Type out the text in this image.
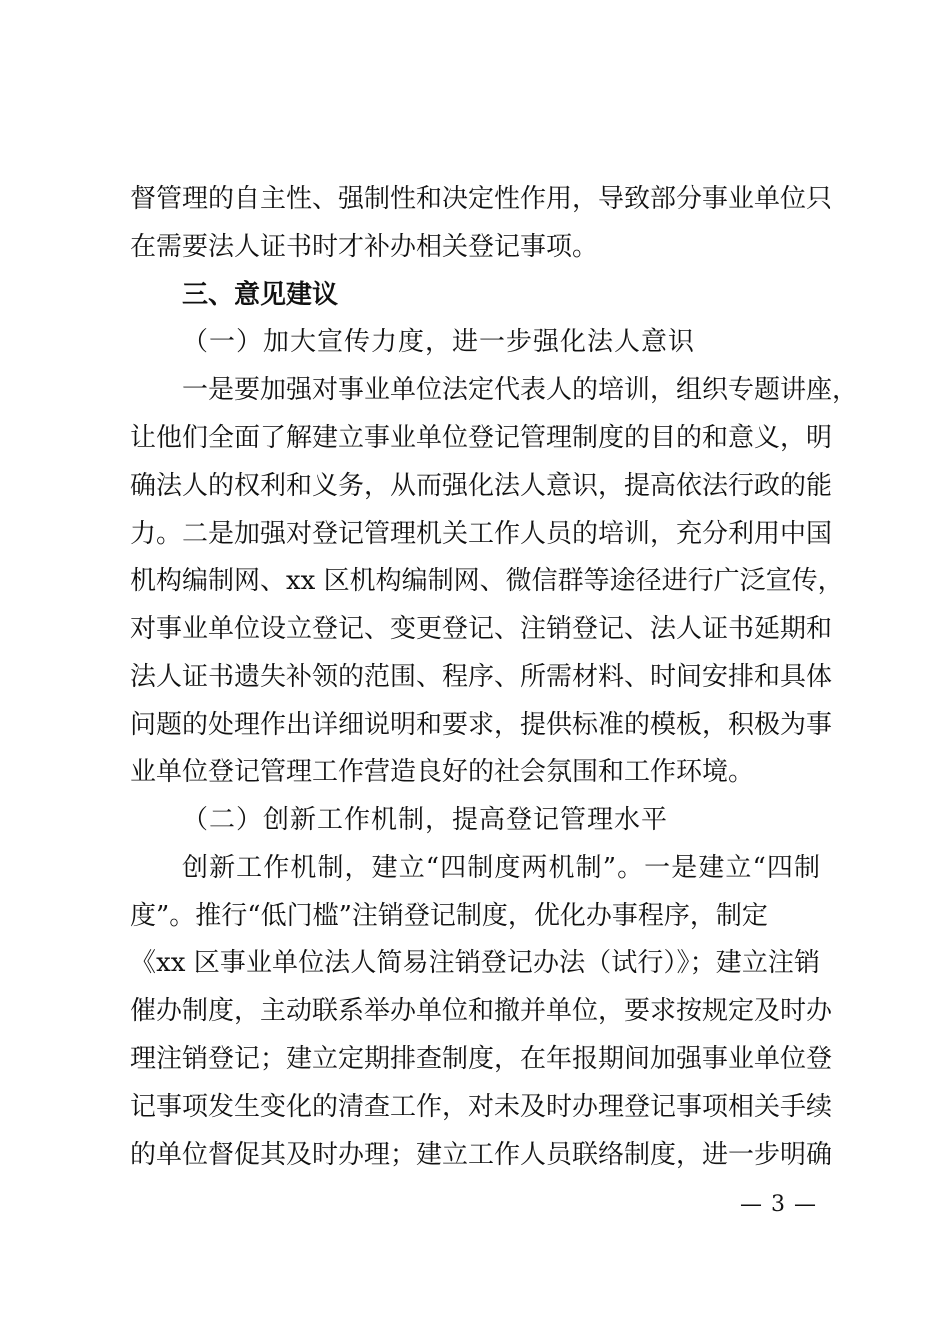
督管理的自主性、强制性和决定性作用，导致部分事业单位只
在需要法人证书时才补办相关登记事项。
三、意见建议
（一）加大宣传力度，进一步强化法人意识
一是要加强对事业单位法定代表人的培训，组织专题讲座，
让他们全面了解建立事业单位登记管理制度的目的和意义，明
确法人的权利和义务，从而强化法人意识，提高依法行政的能
力。二是加强对登记管理机关工作人员的培训，充分利用中国
机构编制网、xx 区机构编制网、微信群等途径进行广泛宣传，
对事业单位设立登记、变更登记、注销登记、法人证书延期和
法人证书遗失补领的范围、程序、所需材料、时间安排和具体
问题的处理作出详细说明和要求，提供标准的模板，积极为事
业单位登记管理工作营造良好的社会氛围和工作环境。
（二）创新工作机制，提高登记管理水平
创新工作机制，建立“四制度两机制”。一是建立“四制
度”。推行“低门槛”注销登记制度，优化办事程序，制定
《xx 区事业单位法人简易注销登记办法（试行）》；建立注销
催办制度，主动联系举办单位和撤并单位，要求按规定及时办
理注销登记；建立定期排查制度，在年报期间加强事业单位登
记事项发生变化的清查工作，对未及时办理登记事项相关手续
的单位督促其及时办理；建立工作人员联络制度，进一步明确
— 3 —
